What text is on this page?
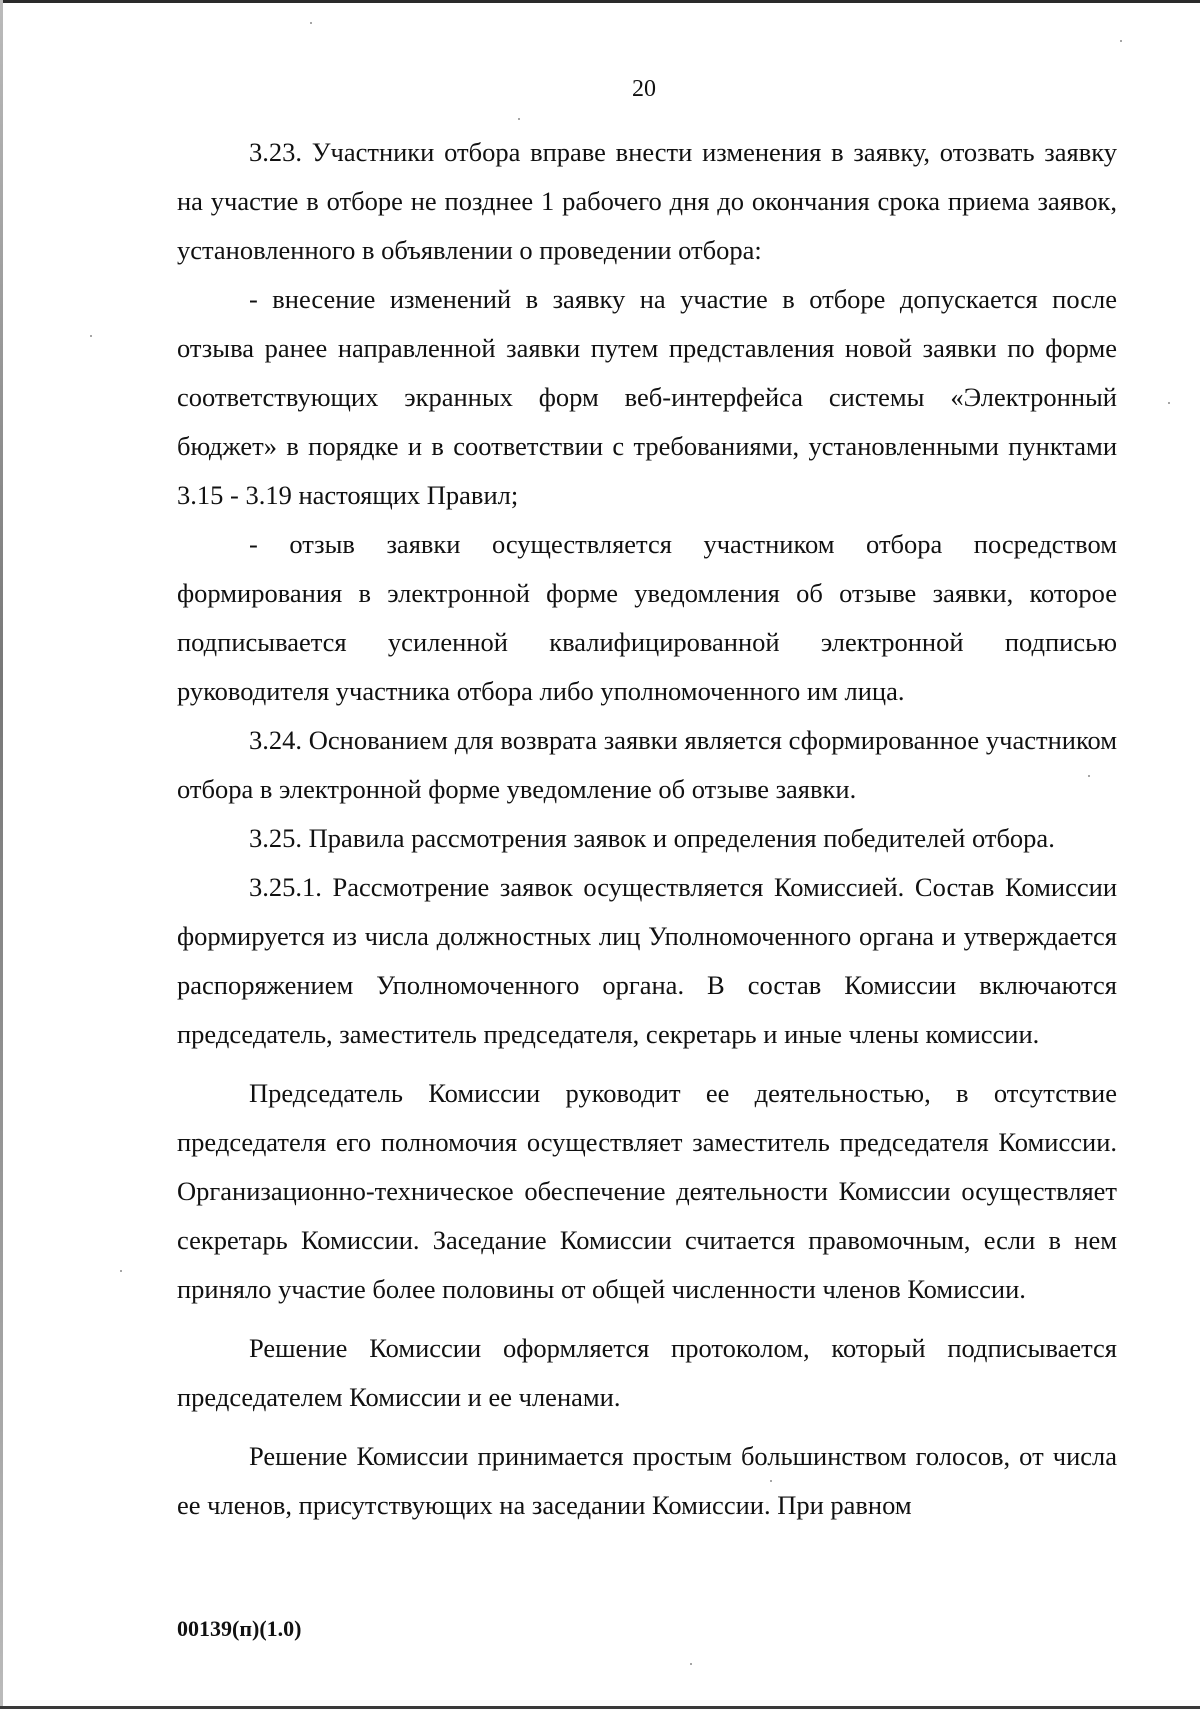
20

3.23. Участники отбора вправе внести изменения в заявку, отозвать заявку на участие в отборе не позднее 1 рабочего дня до окончания срока приема заявок, установленного в объявлении о проведении отбора:

- внесение изменений в заявку на участие в отборе допускается после отзыва ранее направленной заявки путем представления новой заявки по форме соответствующих экранных форм веб-интерфейса системы «Электронный бюджет» в порядке и в соответствии с требованиями, установленными пунктами 3.15 - 3.19 настоящих Правил;

- отзыв заявки осуществляется участником отбора посредством формирования в электронной форме уведомления об отзыве заявки, которое подписывается усиленной квалифицированной электронной подписью руководителя участника отбора либо уполномоченного им лица.

3.24. Основанием для возврата заявки является сформированное участником отбора в электронной форме уведомление об отзыве заявки.

3.25. Правила рассмотрения заявок и определения победителей отбора.

3.25.1. Рассмотрение заявок осуществляется Комиссией. Состав Комиссии формируется из числа должностных лиц Уполномоченного органа и утверждается распоряжением Уполномоченного органа. В состав Комиссии включаются председатель, заместитель председателя, секретарь и иные члены комиссии.

Председатель Комиссии руководит ее деятельностью, в отсутствие председателя его полномочия осуществляет заместитель председателя Комиссии. Организационно-техническое обеспечение деятельности Комиссии осуществляет секретарь Комиссии. Заседание Комиссии считается правомочным, если в нем приняло участие более половины от общей численности членов Комиссии.

Решение Комиссии оформляется протоколом, который подписывается председателем Комиссии и ее членами.

Решение Комиссии принимается простым большинством голосов, от числа ее членов, присутствующих на заседании Комиссии. При равном

00139(п)(1.0)
